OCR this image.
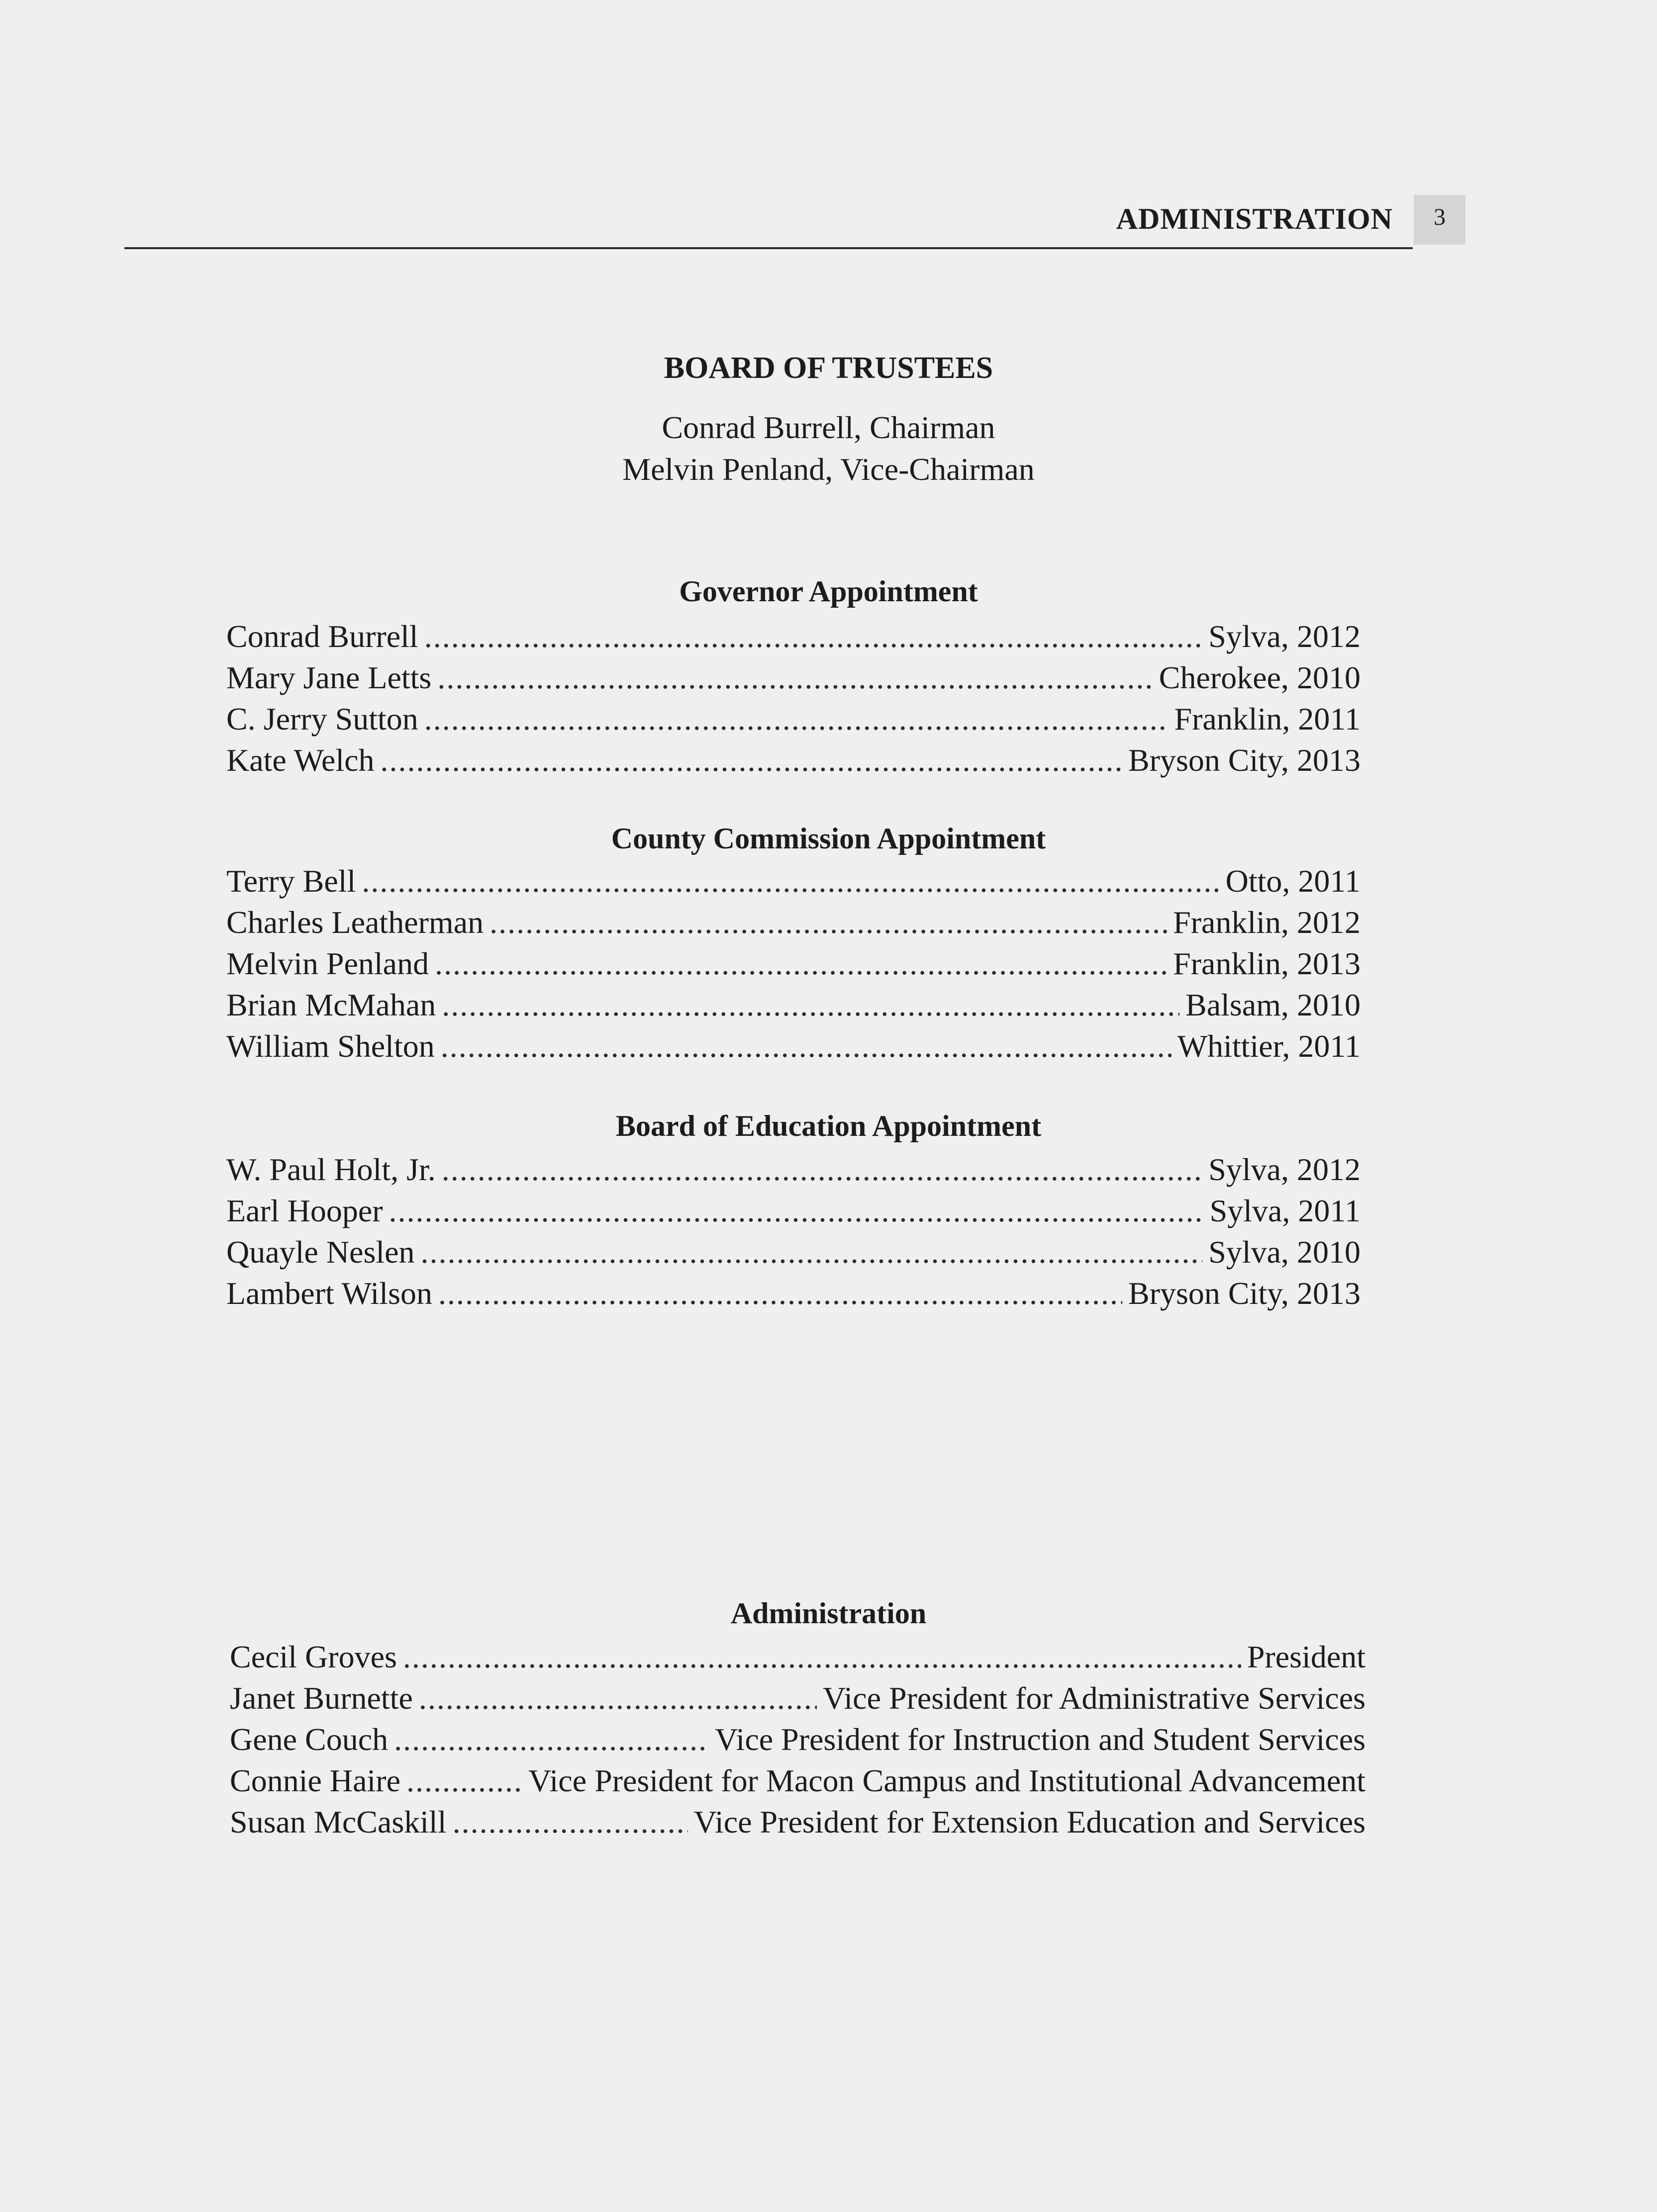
ADMINISTRATION	3
BOARD OF TRUSTEES
Conrad Burrell, Chairman
Melvin Penland, Vice-Chairman
Governor Appointment
Conrad Burrell .....	Sylva, 2012
Mary Jane Letts .....	Cherokee, 2010
C. Jerry Sutton .....	Franklin, 2011
Kate Welch .....	Bryson City, 2013
County Commission Appointment
Terry Bell .....	Otto, 2011
Charles Leatherman .....	Franklin, 2012
Melvin Penland .....	Franklin, 2013
Brian McMahan .....	Balsam, 2010
William Shelton .....	Whittier, 2011
Board of Education Appointment
W. Paul Holt, Jr. .....	Sylva, 2012
Earl Hooper .....	Sylva, 2011
Quayle Neslen .....	Sylva, 2010
Lambert Wilson .....	Bryson City, 2013
Administration
Cecil Groves .....	President
Janet Burnette .....	Vice President for Administrative Services
Gene Couch .....	Vice President for Instruction and Student Services
Connie Haire .....	Vice President for Macon Campus and Institutional Advancement
Susan McCaskill .....	Vice President for Extension Education and Services
